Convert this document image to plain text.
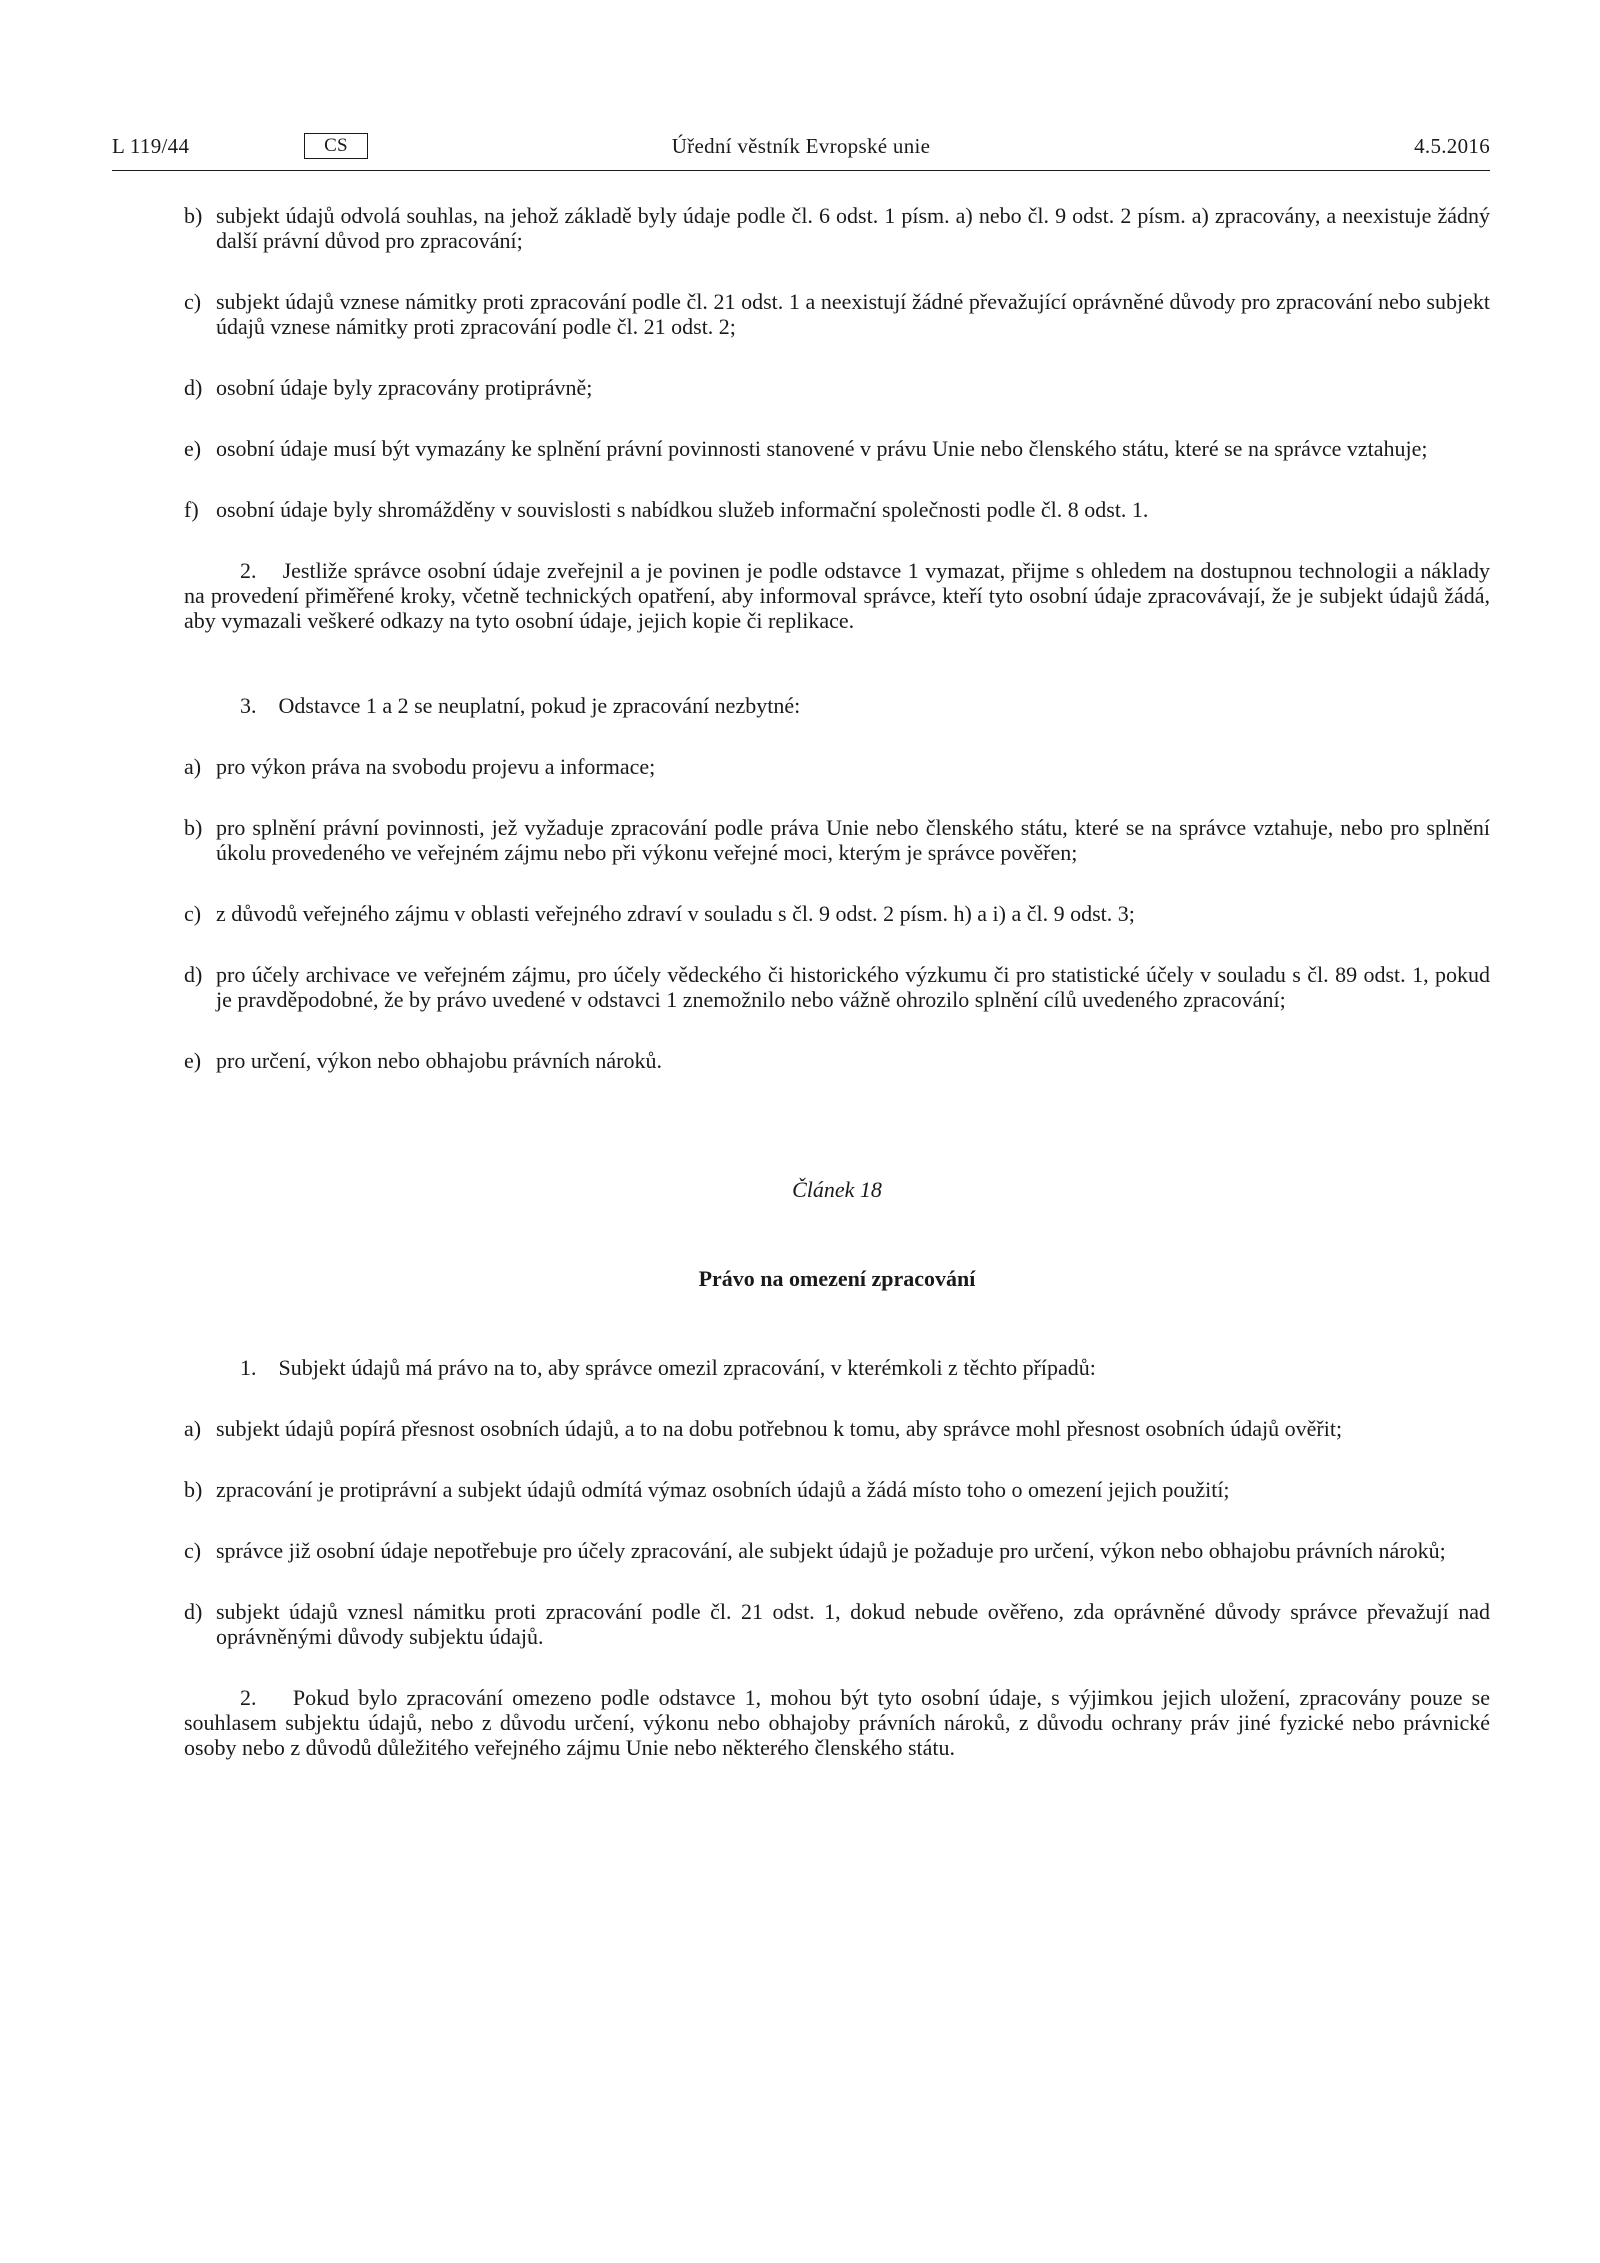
L 119/44	CS	Úřední věstník Evropské unie	4.5.2016

b) subjekt údajů odvolá souhlas, na jehož základě byly údaje podle čl. 6 odst. 1 písm. a) nebo čl. 9 odst. 2 písm. a) zpracovány, a neexistuje žádný další právní důvod pro zpracování;

c) subjekt údajů vznese námitky proti zpracování podle čl. 21 odst. 1 a neexistují žádné převažující oprávněné důvody pro zpracování nebo subjekt údajů vznese námitky proti zpracování podle čl. 21 odst. 2;

d) osobní údaje byly zpracovány protiprávně;

e) osobní údaje musí být vymazány ke splnění právní povinnosti stanovené v právu Unie nebo členského státu, které se na správce vztahuje;

f) osobní údaje byly shromážděny v souvislosti s nabídkou služeb informační společnosti podle čl. 8 odst. 1.

2.    Jestliže správce osobní údaje zveřejnil a je povinen je podle odstavce 1 vymazat, přijme s ohledem na dostupnou technologii a náklady na provedení přiměřené kroky, včetně technických opatření, aby informoval správce, kteří tyto osobní údaje zpracovávají, že je subjekt údajů žádá, aby vymazali veškeré odkazy na tyto osobní údaje, jejich kopie či replikace.

3.    Odstavce 1 a 2 se neuplatní, pokud je zpracování nezbytné:

a) pro výkon práva na svobodu projevu a informace;

b) pro splnění právní povinnosti, jež vyžaduje zpracování podle práva Unie nebo členského státu, které se na správce vztahuje, nebo pro splnění úkolu provedeného ve veřejném zájmu nebo při výkonu veřejné moci, kterým je správce pověřen;

c) z důvodů veřejného zájmu v oblasti veřejného zdraví v souladu s čl. 9 odst. 2 písm. h) a i) a čl. 9 odst. 3;

d) pro účely archivace ve veřejném zájmu, pro účely vědeckého či historického výzkumu či pro statistické účely v souladu s čl. 89 odst. 1, pokud je pravděpodobné, že by právo uvedené v odstavci 1 znemožnilo nebo vážně ohrozilo splnění cílů uvedeného zpracování;

e) pro určení, výkon nebo obhajobu právních nároků.

Článek 18

Právo na omezení zpracování

1.    Subjekt údajů má právo na to, aby správce omezil zpracování, v kterémkoli z těchto případů:

a) subjekt údajů popírá přesnost osobních údajů, a to na dobu potřebnou k tomu, aby správce mohl přesnost osobních údajů ověřit;

b) zpracování je protiprávní a subjekt údajů odmítá výmaz osobních údajů a žádá místo toho o omezení jejich použití;

c) správce již osobní údaje nepotřebuje pro účely zpracování, ale subjekt údajů je požaduje pro určení, výkon nebo obhajobu právních nároků;

d) subjekt údajů vznesl námitku proti zpracování podle čl. 21 odst. 1, dokud nebude ověřeno, zda oprávněné důvody správce převažují nad oprávněnými důvody subjektu údajů.

2.    Pokud bylo zpracování omezeno podle odstavce 1, mohou být tyto osobní údaje, s výjimkou jejich uložení, zpracovány pouze se souhlasem subjektu údajů, nebo z důvodu určení, výkonu nebo obhajoby právních nároků, z důvodu ochrany práv jiné fyzické nebo právnické osoby nebo z důvodů důležitého veřejného zájmu Unie nebo některého členského státu.
